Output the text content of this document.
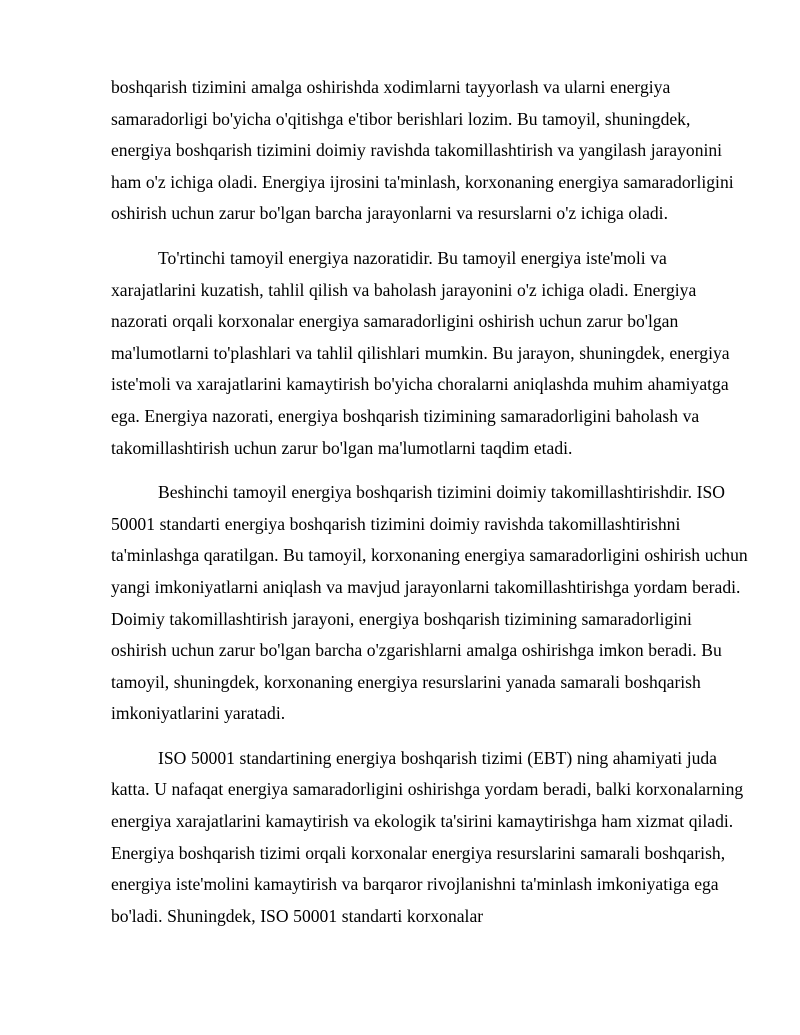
boshqarish tizimini amalga oshirishda xodimlarni tayyorlash va ularni energiya samaradorligi bo'yicha o'qitishga e'tibor berishlari lozim. Bu tamoyil, shuningdek, energiya boshqarish tizimini doimiy ravishda takomillashtirish va yangilash jarayonini ham o'z ichiga oladi. Energiya ijrosini ta'minlash, korxonaning energiya samaradorligini oshirish uchun zarur bo'lgan barcha jarayonlarni va resurslarni o'z ichiga oladi.

To'rtinchi tamoyil energiya nazoratidir. Bu tamoyil energiya iste'moli va xarajatlarini kuzatish, tahlil qilish va baholash jarayonini o'z ichiga oladi. Energiya nazorati orqali korxonalar energiya samaradorligini oshirish uchun zarur bo'lgan ma'lumotlarni to'plashlari va tahlil qilishlari mumkin. Bu jarayon, shuningdek, energiya iste'moli va xarajatlarini kamaytirish bo'yicha choralarni aniqlashda muhim ahamiyatga ega. Energiya nazorati, energiya boshqarish tizimining samaradorligini baholash va takomillashtirish uchun zarur bo'lgan ma'lumotlarni taqdim etadi.

Beshinchi tamoyil energiya boshqarish tizimini doimiy takomillashtirishdir. ISO 50001 standarti energiya boshqarish tizimini doimiy ravishda takomillashtirishni ta'minlashga qaratilgan. Bu tamoyil, korxonaning energiya samaradorligini oshirish uchun yangi imkoniyatlarni aniqlash va mavjud jarayonlarni takomillashtirishga yordam beradi. Doimiy takomillashtirish jarayoni, energiya boshqarish tizimining samaradorligini oshirish uchun zarur bo'lgan barcha o'zgarishlarni amalga oshirishga imkon beradi. Bu tamoyil, shuningdek, korxonaning energiya resurslarini yanada samarali boshqarish imkoniyatlarini yaratadi.

ISO 50001 standartining energiya boshqarish tizimi (EBT) ning ahamiyati juda katta. U nafaqat energiya samaradorligini oshirishga yordam beradi, balki korxonalarning energiya xarajatlarini kamaytirish va ekologik ta'sirini kamaytirishga ham xizmat qiladi. Energiya boshqarish tizimi orqali korxonalar energiya resurslarini samarali boshqarish, energiya iste'molini kamaytirish va barqaror rivojlanishni ta'minlash imkoniyatiga ega bo'ladi. Shuningdek, ISO 50001 standarti korxonalar
